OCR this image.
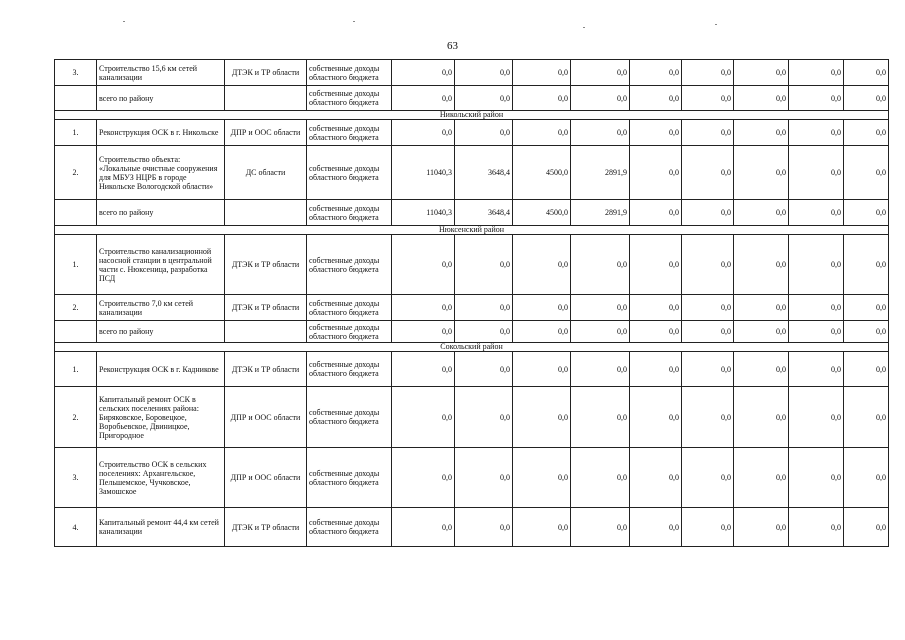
63
3.	Строительство 15,6 км сетей канализации	ДТЭК и ТР области	собственные доходы областного бюджета	0,0	0,0	0,0	0,0	0,0	0,0	0,0	0,0	0,0
	всего по району		собственные доходы областного бюджета	0,0	0,0	0,0	0,0	0,0	0,0	0,0	0,0	0,0
Никольский район												
1.	Реконструкция ОСК в г. Никольске	ДПР и ООС области	собственные доходы областного бюджета	0,0	0,0	0,0	0,0	0,0	0,0	0,0	0,0	0,0
2.	Строительство объекта: «Локальные очистные сооружения для МБУЗ НЦРБ в городе Никольске Вологодской области»	ДС области	собственные доходы областного бюджета	11040,3	3648,4	4500,0	2891,9	0,0	0,0	0,0	0,0	0,0
	всего по району		собственные доходы областного бюджета	11040,3	3648,4	4500,0	2891,9	0,0	0,0	0,0	0,0	0,0
Нюксенский район												
1.	Строительство канализационной насосной станции в центральной части с. Нюксеница, разработка ПСД	ДТЭК и ТР области	собственные доходы областного бюджета	0,0	0,0	0,0	0,0	0,0	0,0	0,0	0,0	0,0
2.	Строительство 7,0 км сетей канализации	ДТЭК и ТР области	собственные доходы областного бюджета	0,0	0,0	0,0	0,0	0,0	0,0	0,0	0,0	0,0
	всего по району		собственные доходы областного бюджета	0,0	0,0	0,0	0,0	0,0	0,0	0,0	0,0	0,0
Сокольский район												
1.	Реконструкция ОСК в г. Кадникове	ДТЭК и ТР области	собственные доходы областного бюджета	0,0	0,0	0,0	0,0	0,0	0,0	0,0	0,0	0,0
2.	Капитальный ремонт ОСК в сельских поселениях района: Биряковское, Боровецкое, Воробьевское, Двиницкое, Пригородное	ДПР и ООС области	собственные доходы областного бюджета	0,0	0,0	0,0	0,0	0,0	0,0	0,0	0,0	0,0
3.	Строительство ОСК в сельских поселениях: Архангельское, Пельшемское, Чучковское, Замошское	ДПР и ООС области	собственные доходы областного бюджета	0,0	0,0	0,0	0,0	0,0	0,0	0,0	0,0	0,0
4.	Капитальный ремонт 44,4 км сетей канализации	ДТЭК и ТР области	собственные доходы областного бюджета	0,0	0,0	0,0	0,0	0,0	0,0	0,0	0,0	0,0
